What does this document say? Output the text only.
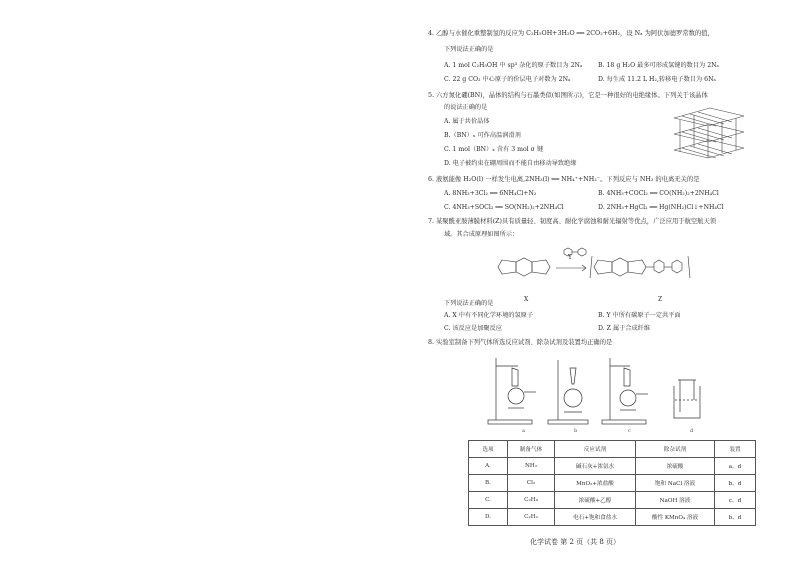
4. 乙醇与水催化重整制氢的反应为 C₂H₅OH+3H₂O ══ 2CO₂+6H₂，设 Nₐ 为阿伏加德罗常数的值，
下列说法正确的是
A. 1 mol C₂H₅OH 中 sp³ 杂化的原子数目为 2Nₐ	B. 18 g H₂O 最多可形成氢键的数目为 2Nₐ
C. 22 g CO₂ 中心原子的价层电子对数为 2Nₐ	D. 每生成 11.2 L H₂,转移电子数目为 6Nₐ
5. 六方氮化硼(BN)，晶体的结构与石墨类似(如图所示)，它是一种很好的电绝缘体。下列关于该晶体
的说法正确的是
A. 属于共价晶体
B.（BN）ₓ 可作高温润滑剂
C. 1 mol（BN）ₓ 含有 3 mol σ 键
D. 电子被约束在硼周围而不能自由移动导致绝缘
6. 液氨能像 H₂O(l) 一样发生电离,2NH₃(l) ══ NH₄⁺+NH₂⁻。下列反应与 NH₃ 的电离无关的是
A. 8NH₃+3Cl₂ ══ 6NH₄Cl+N₂	B. 4NH₃+COCl₂ ══ CO(NH₂)₂+2NH₄Cl
C. 4NH₃+SOCl₂ ══ SO(NH₂)₂+2NH₄Cl	D. 2NH₃+HgCl₂ ══ Hg(NH₂)Cl↓+NH₄Cl
7. 某聚酰亚胺薄膜材料(Z)具有质量轻、韧度高、耐化学腐蚀和耐光辐射等优点，广泛应用于航空航天领
域。其合成原理如图所示：
X
Y
Z
下列说法正确的是
A. X 中有不同化学环境的氢原子	B. Y 中所有碳原子一定共平面
C. 该反应是加聚反应	D. Z 属于合成纤维
8. 实验室制备下列气体所选反应试剂、除杂试剂及装置均正确的是
a	b	c	d
选项	制备气体	反应试剂	除杂试剂	装置
A.	NH₃	碱石灰+浓氨水	浓硫酸	a、d
B.	Cl₂	MnO₂+浓盐酸	饱和 NaCl 溶液	b、d
C.	C₂H₄	浓硫酸+乙醇	NaOH 溶液	c、d
D.	C₂H₂	电石+饱和食盐水	酸性 KMnO₄ 溶液	b、d
化学试卷 第 2 页（共 8 页）
